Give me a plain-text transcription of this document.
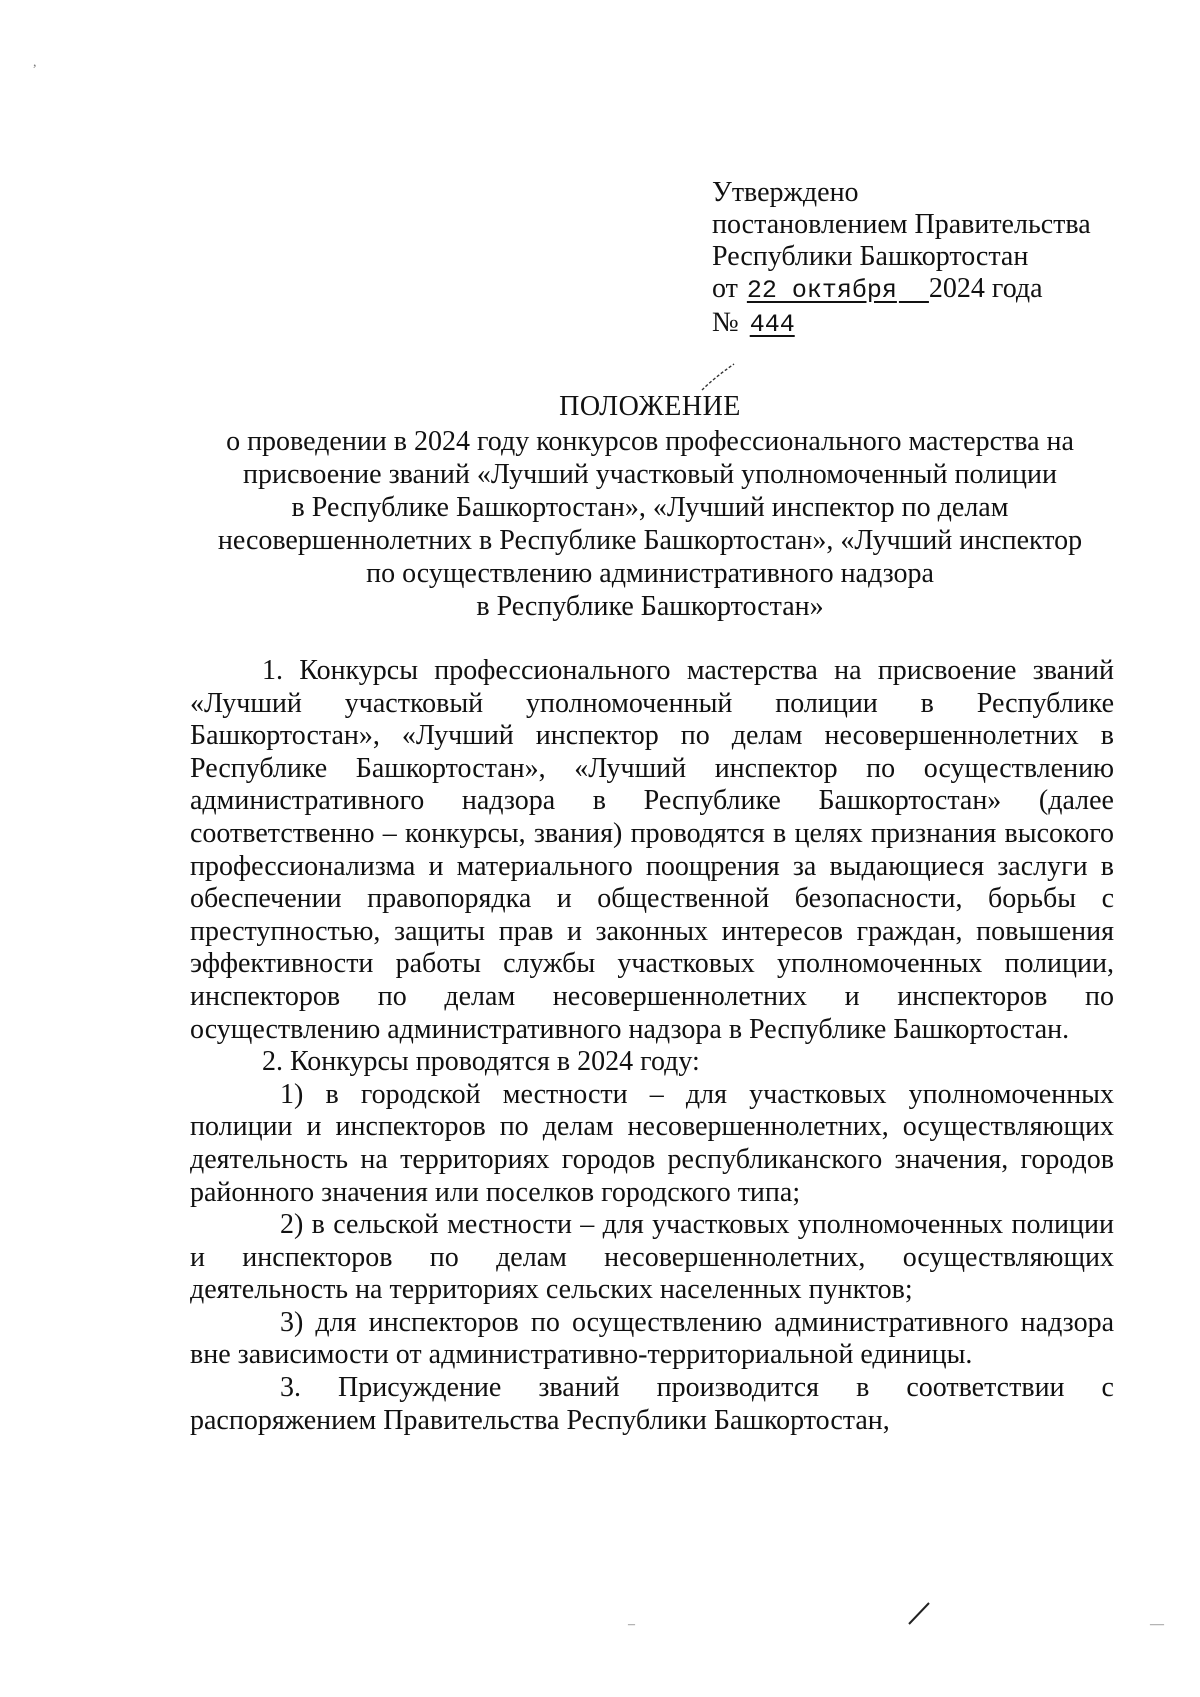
,
Утверждено
постановлением Правительства
Республики Башкортостан
от 22 октября 2024 года
№ 444
ПОЛОЖЕНИЕ
о проведении в 2024 году конкурсов профессионального мастерства на
присвоение званий «Лучший участковый уполномоченный полиции
в Республике Башкортостан», «Лучший инспектор по делам
несовершеннолетних в Республике Башкортостан», «Лучший инспектор
по осуществлению административного надзора
в Республике Башкортостан»

1. Конкурсы профессионального мастерства на присвоение званий «Лучший участковый уполномоченный полиции в Республике Башкортостан», «Лучший инспектор по делам несовершеннолетних в Республике Башкортостан», «Лучший инспектор по осуществлению административного надзора в Республике Башкортостан» (далее соответственно – конкурсы, звания) проводятся в целях признания высокого профессионализма и материального поощрения за выдающиеся заслуги в обеспечении правопорядка и общественной безопасности, борьбы с преступностью, защиты прав и законных интересов граждан, повышения эффективности работы службы участковых уполномоченных полиции, инспекторов по делам несовершеннолетних и инспекторов по осуществлению административного надзора в Республике Башкортостан.

2. Конкурсы проводятся в 2024 году:

1) в городской местности – для участковых уполномоченных полиции и инспекторов по делам несовершеннолетних, осуществляющих деятельность на территориях городов республиканского значения, городов районного значения или поселков городского типа;

2) в сельской местности – для участковых уполномоченных полиции и инспекторов по делам несовершеннолетних, осуществляющих деятельность на территориях сельских населенных пунктов;

3) для инспекторов по осуществлению административного надзора вне зависимости от административно-территориальной единицы.

3. Присуждение званий производится в соответствии с распоряжением Правительства Республики Башкортостан,

–	—
